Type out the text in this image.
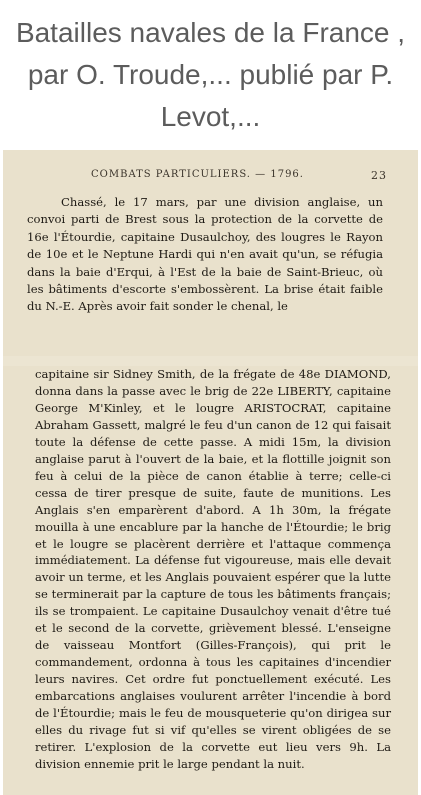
Batailles navales de la France , par O. Troude,... publié par P. Levot,...
COMBATS PARTICULIERS. — 1796.	23

Chassé, le 17 mars, par une division anglaise, un convoi parti de Brest sous la protection de la corvette de 16e l'Étourdie, capitaine Dusaulchoy, des lougres le Rayon de 10e et le Neptune Hardi qui n'en avait qu'un, se réfugia dans la baie d'Erqui, à l'Est de la baie de Saint-Brieuc, où les bâtiments d'escorte s'embossèrent. La brise était faible du N.-E. Après avoir fait sonder le chenal, le

capitaine sir Sidney Smith, de la frégate de 48e DIAMOND, donna dans la passe avec le brig de 22e LIBERTY, capitaine George M'Kinley, et le lougre ARISTOCRAT, capitaine Abraham Gassett, malgré le feu d'un canon de 12 qui faisait toute la défense de cette passe. A midi 15m, la division anglaise parut à l'ouvert de la baie, et la flottille joignit son feu à celui de la pièce de canon établie à terre; celle-ci cessa de tirer presque de suite, faute de munitions. Les Anglais s'en emparèrent d'abord. A 1h 30m, la frégate mouilla à une encablure par la hanche de l'Étourdie; le brig et le lougre se placèrent derrière et l'attaque commença immédiatement. La défense fut vigoureuse, mais elle devait avoir un terme, et les Anglais pouvaient espérer que la lutte se terminerait par la capture de tous les bâtiments français; ils se trompaient. Le capitaine Dusaulchoy venait d'être tué et le second de la corvette, grièvement blessé. L'enseigne de vaisseau Montfort (Gilles-François), qui prit le commandement, ordonna à tous les capitaines d'incendier leurs navires. Cet ordre fut ponctuellement exécuté. Les embarcations anglaises voulurent arrêter l'incendie à bord de l'Étourdie; mais le feu de mousqueterie qu'on dirigea sur elles du rivage fut si vif qu'elles se virent obligées de se retirer. L'explosion de la corvette eut lieu vers 9h. La division ennemie prit le large pendant la nuit.
